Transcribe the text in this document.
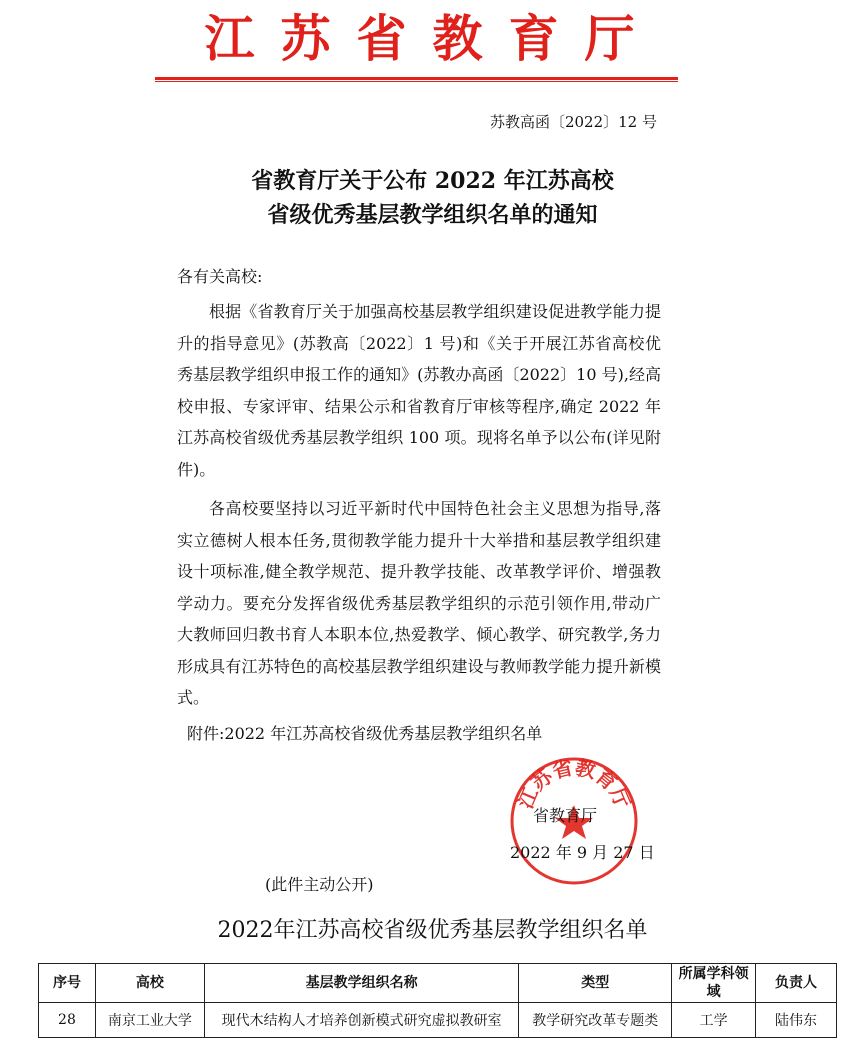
江苏省教育厅
苏教高函〔2022〕12 号
省教育厅关于公布 2022 年江苏高校
省级优秀基层教学组织名单的通知
各有关高校:
根据《省教育厅关于加强高校基层教学组织建设促进教学能力提升的指导意见》(苏教高〔2022〕1 号)和《关于开展江苏省高校优秀基层教学组织申报工作的通知》(苏教办高函〔2022〕10 号),经高校申报、专家评审、结果公示和省教育厅审核等程序,确定 2022 年江苏高校省级优秀基层教学组织 100 项。现将名单予以公布(详见附件)。
各高校要坚持以习近平新时代中国特色社会主义思想为指导,落实立德树人根本任务,贯彻教学能力提升十大举措和基层教学组织建设十项标准,健全教学规范、提升教学技能、改革教学评价、增强教学动力。要充分发挥省级优秀基层教学组织的示范引领作用,带动广大教师回归教书育人本职本位,热爱教学、倾心教学、研究教学,务力形成具有江苏特色的高校基层教学组织建设与教师教学能力提升新模式。
附件:2022 年江苏高校省级优秀基层教学组织名单
江苏省教育厅
省教育厅
2022 年 9 月 27 日
(此件主动公开)
2022年江苏高校省级优秀基层教学组织名单
序号	高校	基层教学组织名称	类型	所属学科领域	负责人
28	南京工业大学	现代木结构人才培养创新模式研究虚拟教研室	教学研究改革专题类	工学	陆伟东
